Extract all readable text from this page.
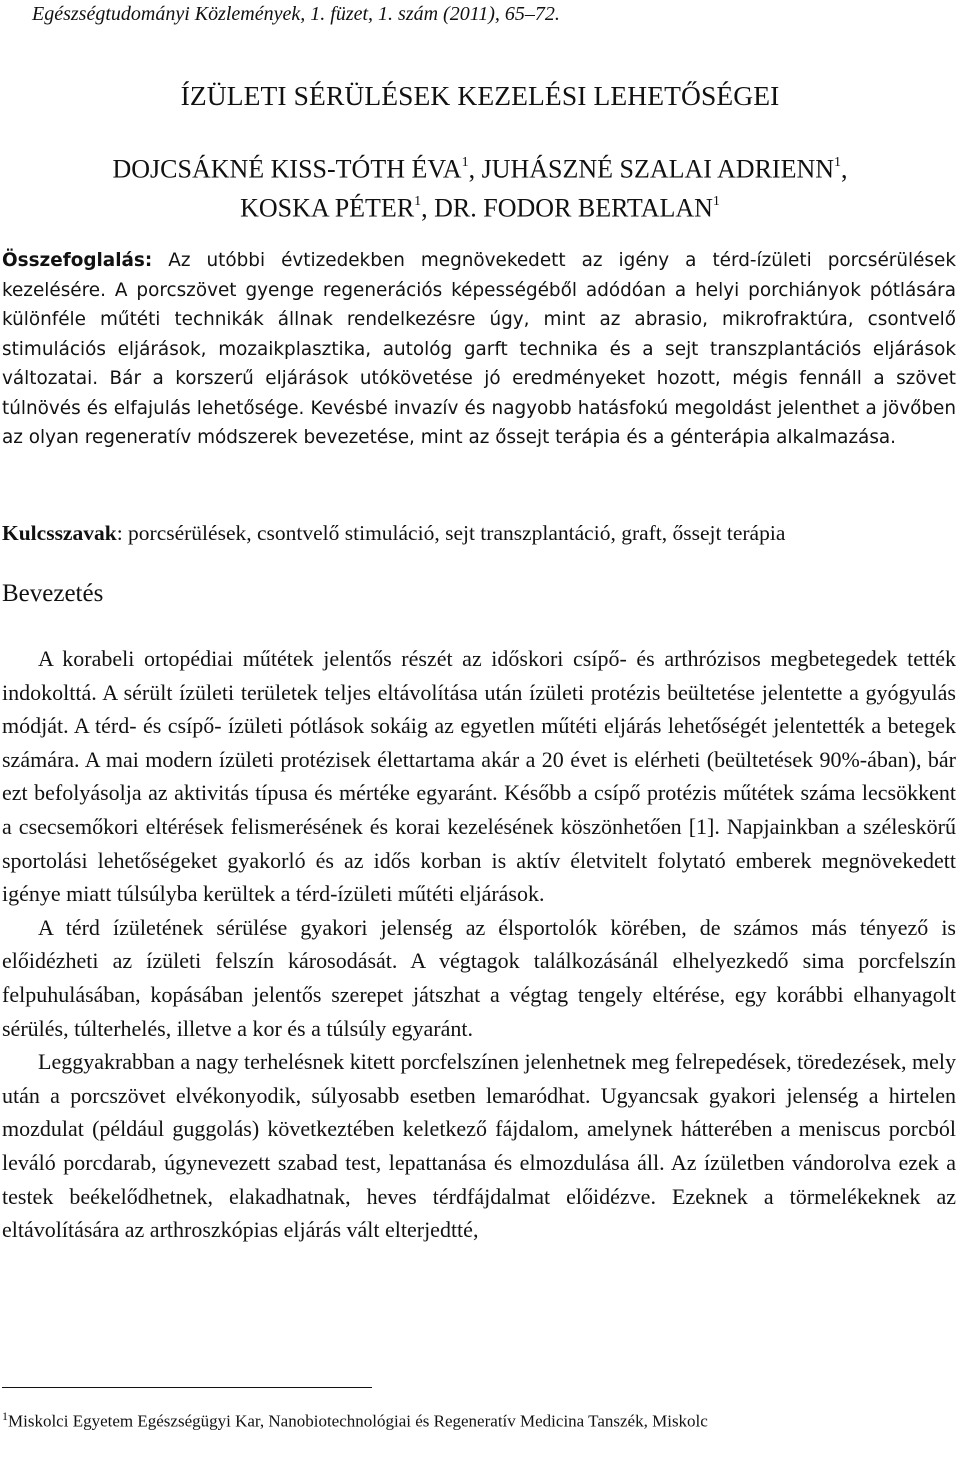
Egészségtudományi Közlemények, 1. füzet, 1. szám (2011), 65–72.
ÍZÜLETI SÉRÜLÉSEK KEZELÉSI LEHETŐSÉGEI
DOJCSÁKNÉ KISS-TÓTH ÉVA$^1$, JUHÁSZNÉ SZALAI ADRIENN$^1$,
KOSKA PÉTER$^1$, DR. FODOR BERTALAN$^1$
Összefoglalás: Az utóbbi évtizedekben megnövekedett az igény a térd-ízületi porcsérülések kezelésére. A porcszövet gyenge regenerációs képességéből adódóan a helyi porchiányok pótlására különféle műtéti technikák állnak rendelkezésre úgy, mint az abrasio, mikrofraktúra, csontvelő stimulációs eljárások, mozaikplasztika, autológ garft technika és a sejt transzplantációs eljárások változatai. Bár a korszerű eljárások utókövetése jó eredményeket hozott, mégis fennáll a szövet túlnövés és elfajulás lehetősége. Kevésbé invazív és nagyobb hatásfokú megoldást jelenthet a jövőben az olyan regeneratív módszerek bevezetése, mint az őssejt terápia és a génterápia alkalmazása.
Kulcsszavak: porcsérülések, csontvelő stimuláció, sejt transzplantáció, graft, őssejt terápia
Bevezetés

A korabeli ortopédiai műtétek jelentős részét az időskori csípő- és arthrózisos megbetegedek tették indokolttá. A sérült ízületi területek teljes eltávolítása után ízületi protézis beültetése jelentette a gyógyulás módját. A térd- és csípő- ízületi pótlások sokáig az egyetlen műtéti eljárás lehetőségét jelentették a betegek számára. A mai modern ízületi protézisek élettartama akár a 20 évet is elérheti (beültetések 90%-ában), bár ezt befolyásolja az aktivitás típusa és mértéke egyaránt. Később a csípő protézis műtétek száma lecsökkent a csecsemőkori eltérések felismerésének és korai kezelésének köszönhetően [1]. Napjainkban a széleskörű sportolási lehetőségeket gyakorló és az idős korban is aktív életvitelt folytató emberek megnövekedett igénye miatt túlsúlyba kerültek a térd-ízületi műtéti eljárások.

A térd ízületének sérülése gyakori jelenség az élsportolók körében, de számos más tényező is előidézheti az ízületi felszín károsodását. A végtagok találkozásánál elhelyezkedő sima porcfelszín felpuhulásában, kopásában jelentős szerepet játszhat a végtag tengely eltérése, egy korábbi elhanyagolt sérülés, túlterhelés, illetve a kor és a túlsúly egyaránt.

Leggyakrabban a nagy terhelésnek kitett porcfelszínen jelenhetnek meg felrepedések, töredezések, mely után a porcszövet elvékonyodik, súlyosabb esetben lemaródhat. Ugyancsak gyakori jelenség a hirtelen mozdulat (például guggolás) következtében keletkező fájdalom, amelynek hátterében a meniscus porcból leváló porcdarab, úgynevezett szabad test, lepattanása és elmozdulása áll. Az ízületben vándorolva ezek a testek beékelődhetnek, elakadhatnak, heves térdfájdalmat előidézve. Ezeknek a törmelékeknek az eltávolítására az arthroszkópias eljárás vált elterjedtté,

$^1$Miskolci Egyetem Egészségügyi Kar, Nanobiotechnológiai és Regeneratív Medicina Tanszék, Miskolc
